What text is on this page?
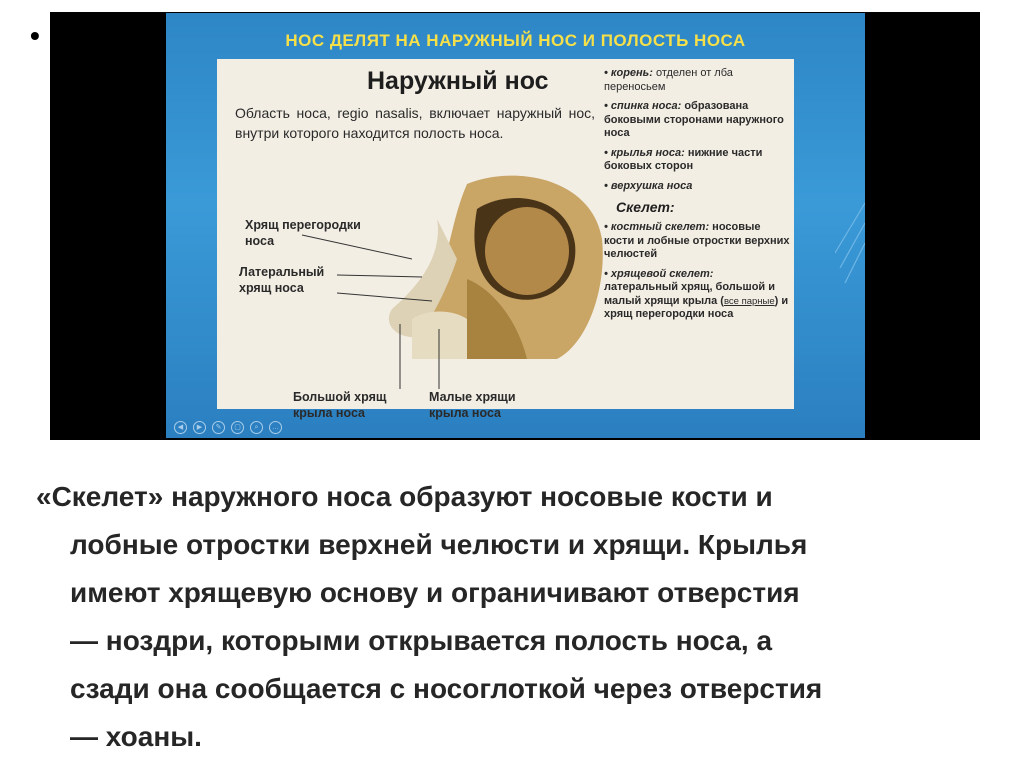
•	НОС ДЕЛЯТ НА НАРУЖНЫЙ НОС И ПОЛОСТЬ НОСА
Наружный нос
Область носа, regio nasalis, включает наружный нос, внутри которого находится полость носа.
Хрящ перегородки носа
Латеральный хрящ носа
Большой хрящ крыла носа
Малые хрящи крыла носа
• корень: отделен от лба переносьем
• спинка носа: образована боковыми сторонами наружного носа
• крылья носа: нижние части боковых сторон
• верхушка носа
Скелет:
• костный скелет: носовые кости и лобные отростки верхних челюстей
• хрящевой скелет: латеральный хрящ, большой и малый хрящи крыла (все парные) и хрящ перегородки носа
◀	▶	✎	▢	⌕	…
«Скелет» наружного носа образуют носовые кости и
лобные отростки верхней челюсти и хрящи. Крылья
имеют хрящевую основу и ограничивают отверстия
— ноздри, которыми открывается полость носа, а
сзади она сообщается с носоглоткой через отверстия
— хоаны.
